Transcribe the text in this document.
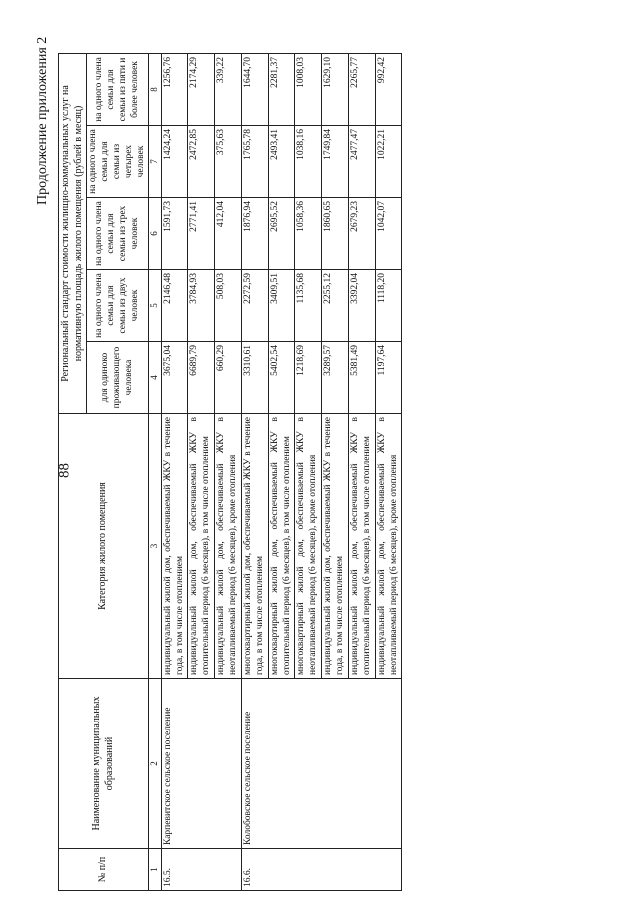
88
Продолжение приложения 2
№ п/п	Наименование муниципальных образований	Категория жилого помещения	Региональный стандарт стоимости жилищно-коммунальных услуг на нормативную площадь жилого помещения (рублей в месяц)				
			для одиноко проживающего человека	на одного члена семьи для семьи из двух человек	на одного члена семьи для семьи из трех человек	на одного члена семьи для семьи из четырех человек	на одного члена семьи для семьи из пяти и более человек
1	2	3	4	5	6	7	8
16.5.	Карпевитское сельское поселение	индивидуальный жилой дом, обеспечиваемый ЖКУ в течение года, в том числе отоплением	3675,04	2146,48	1591,73	1424,24	1256,76
		индивидуальный жилой дом, обеспечиваемый ЖКУ в отопительный период (6 месяцев), в том числе отоплением	6689,79	3784,93	2771,41	2472,85	2174,29
		индивидуальный жилой дом, обеспечиваемый ЖКУ в неотапливаемый период (6 месяцев), кроме отопления	660,29	508,03	412,04	375,63	339,22
16.6.	Колобовское сельское поселение	многоквартирный жилой дом, обеспечиваемый ЖКУ в течение года, в том числе отоплением	3310,61	2272,59	1876,94	1765,78	1644,70
		многоквартирный жилой дом, обеспечиваемый ЖКУ в отопительный период (6 месяцев), в том числе отоплением	5402,54	3409,51	2695,52	2493,41	2281,37
		многоквартирный жилой дом, обеспечиваемый ЖКУ в неотапливаемый период (6 месяцев), кроме отопления	1218,69	1135,68	1058,36	1038,16	1008,03
		индивидуальный жилой дом, обеспечиваемый ЖКУ в течение года, в том числе отоплением	3289,57	2255,12	1860,65	1749,84	1629,10
		индивидуальный жилой дом, обеспечиваемый ЖКУ в отопительный период (6 месяцев), в том числе отоплением	5381,49	3392,04	2679,23	2477,47	2265,77
		индивидуальный жилой дом, обеспечиваемый ЖКУ в неотапливаемый период (6 месяцев), кроме отопления	1197,64	1118,20	1042,07	1022,21	992,42
